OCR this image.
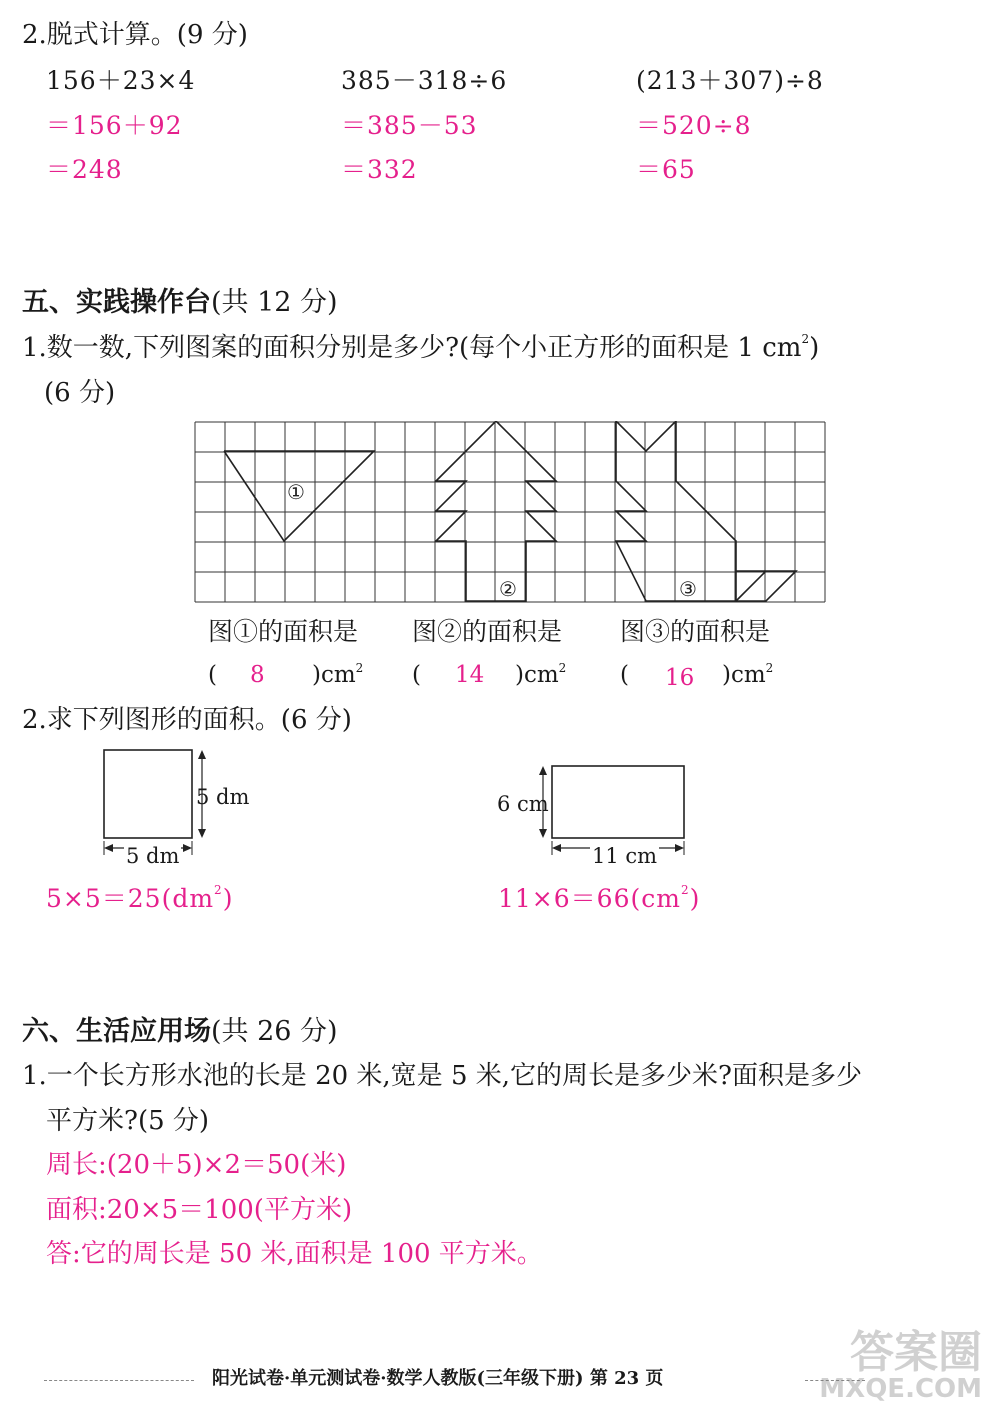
2.脱式计算。(9 分)
156＋23×4
＝156＋92
＝248
385－318÷6
＝385－53
＝332
(213＋307)÷8
＝520÷8
＝65
五、实践操作台(共 12 分)
1.数一数,下列图案的面积分别是多少?(每个小正方形的面积是 1 $cm^2$)
(6 分)
①
②	③
图①的面积是 图②的面积是 图③的面积是
( 8 )$cm^2$ ( 14 )$cm^2$ ( 16 )$cm^2$
2.求下列图形的面积。(6 分)
5 dm
5 dm
6 cm
11 cm
$5\times 5=25(dm^2)$	$11\times 6=66(cm^2)$
六、生活应用场(共 26 分)
1.一个长方形水池的长是 20 米,宽是 5 米,它的周长是多少米?面积是多少
平方米?(5 分)
周长:(20＋5)×2＝50(米)
面积:20×5＝100(平方米)
答:它的周长是 50 米,面积是 100 平方米。
阳光试卷·单元测试卷·数学人教版(三年级下册) 第 23 页
答案圈
MXQE.COM
